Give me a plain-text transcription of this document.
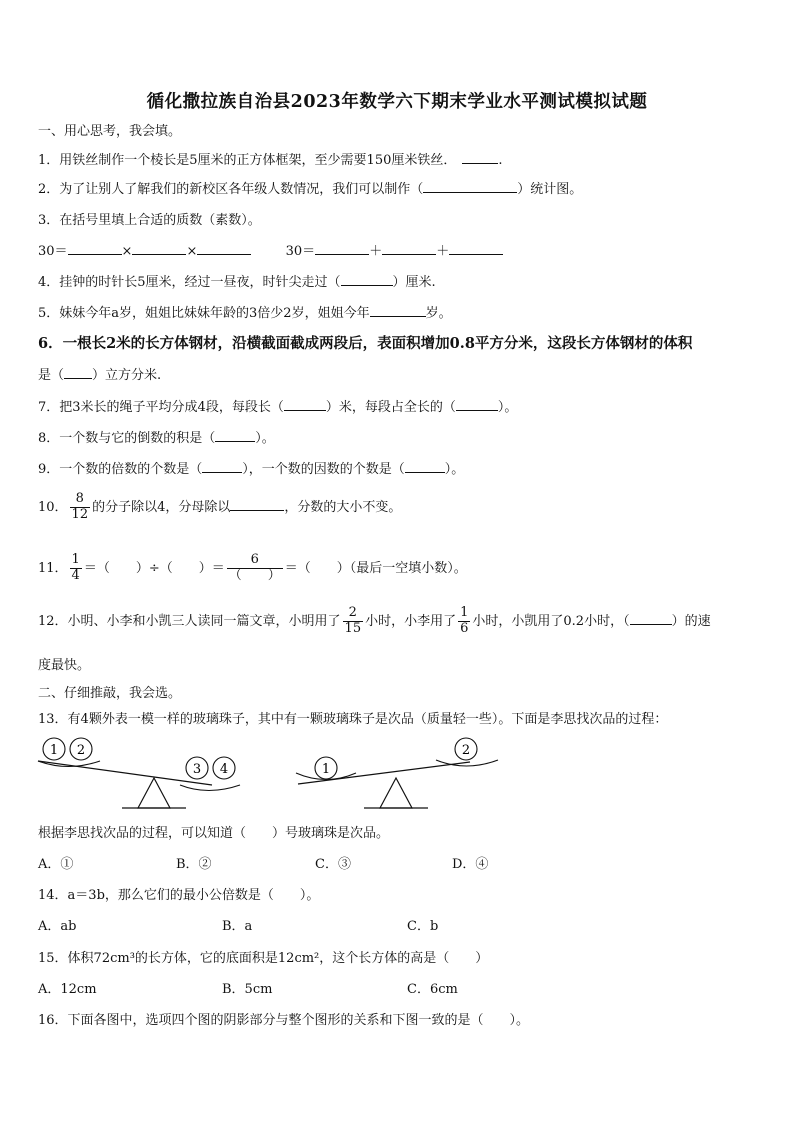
循化撒拉族自治县2023年数学六下期末学业水平测试模拟试题
一、用心思考，我会填。
1．用铁丝制作一个棱长是5厘米的正方体框架，至少需要150厘米铁丝．	.
2．为了让别人了解我们的新校区各年级人数情况，我们可以制作（	）统计图。
3．在括号里填上合适的质数（素数）。
30＝	×	×	30＝	＋	＋
4．挂钟的时针长5厘米，经过一昼夜，时针尖走过（	）厘米.
5．妹妹今年a岁，姐姐比妹妹年龄的3倍少2岁，姐姐今年	岁。
6．一根长2米的长方体钢材，沿横截面截成两段后，表面积增加0.8平方分米，这段长方体钢材的体积
是（ ）立方分米.
7．把3米长的绳子平均分成4段，每段长（	）米，每段占全长的（	）。
8．一个数与它的倒数的积是（	）。
9．一个数的倍数的个数是（	），一个数的因数的个数是（	）。
10． $\frac{8}{12}$ 的分子除以4，分母除以	，分数的大小不变。
11． $\frac{1}{4}$ ＝（　　）÷（　　）＝ $\frac{6}{( )}$ ＝（　　）（最后一空填小数）。
12．小明、小李和小凯三人读同一篇文章，小明用了 $\frac{2}{15}$ 小时，小李用了 $\frac{1}{6}$ 小时，小凯用了0.2小时，（	）的速
度最快。
二、仔细推敲，我会选。
13．有4颗外表一模一样的玻璃珠子，其中有一颗玻璃珠子是次品（质量轻一些）。下面是李思找次品的过程：
1 2
3 4	1
2
根据李思找次品的过程，可以知道（　　）号玻璃珠是次品。
A．①	B．②	C．③	D．④
14．a＝3b，那么它们的最小公倍数是（　　）。
A．ab	B．a	C．b
15．体积72cm³的长方体，它的底面积是12cm²，这个长方体的高是（　　）
A．12cm	B．5cm	C．6cm
16．下面各图中，选项四个图的阴影部分与整个图形的关系和下图一致的是（　　）。
